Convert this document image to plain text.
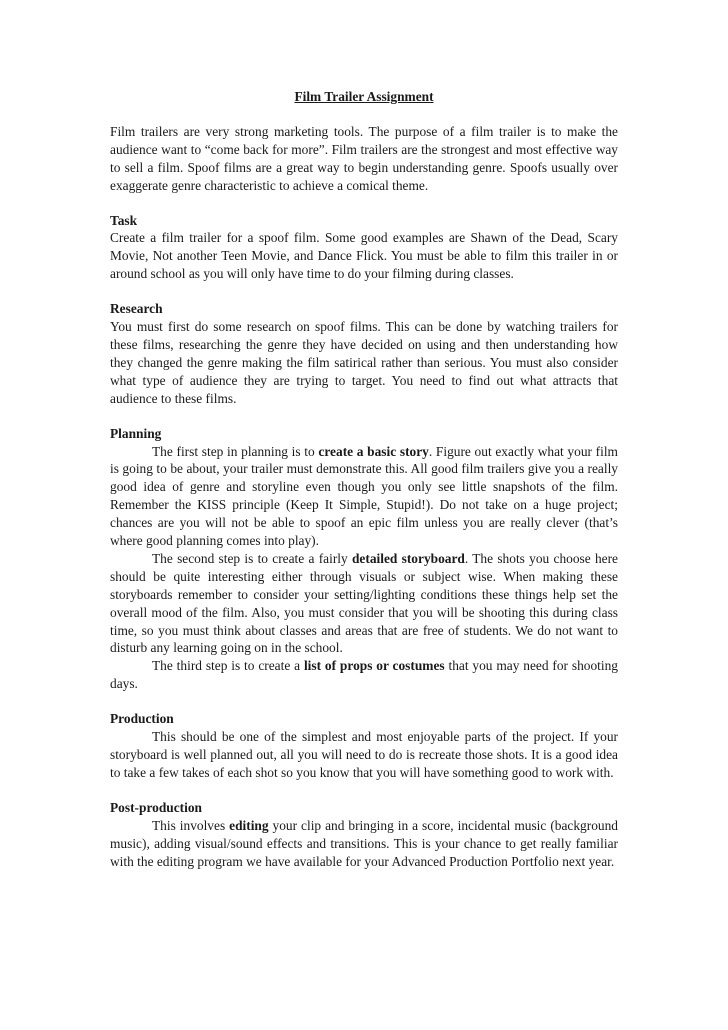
Film Trailer Assignment

Film trailers are very strong marketing tools. The purpose of a film trailer is to make the audience want to “come back for more”. Film trailers are the strongest and most effective way to sell a film. Spoof films are a great way to begin understanding genre. Spoofs usually over exaggerate genre characteristic to achieve a comical theme.

Task

Create a film trailer for a spoof film. Some good examples are Shawn of the Dead, Scary Movie, Not another Teen Movie, and Dance Flick. You must be able to film this trailer in or around school as you will only have time to do your filming during classes.

Research

You must first do some research on spoof films. This can be done by watching trailers for these films, researching the genre they have decided on using and then understanding how they changed the genre making the film satirical rather than serious. You must also consider what type of audience they are trying to target. You need to find out what attracts that audience to these films.

Planning

The first step in planning is to create a basic story. Figure out exactly what your film is going to be about, your trailer must demonstrate this. All good film trailers give you a really good idea of genre and storyline even though you only see little snapshots of the film. Remember the KISS principle (Keep It Simple, Stupid!). Do not take on a huge project; chances are you will not be able to spoof an epic film unless you are really clever (that’s where good planning comes into play).

The second step is to create a fairly detailed storyboard. The shots you choose here should be quite interesting either through visuals or subject wise. When making these storyboards remember to consider your setting/lighting conditions these things help set the overall mood of the film. Also, you must consider that you will be shooting this during class time, so you must think about classes and areas that are free of students. We do not want to disturb any learning going on in the school.

The third step is to create a list of props or costumes that you may need for shooting days.

Production

This should be one of the simplest and most enjoyable parts of the project. If your storyboard is well planned out, all you will need to do is recreate those shots. It is a good idea to take a few takes of each shot so you know that you will have something good to work with.

Post-production

This involves editing your clip and bringing in a score, incidental music (background music), adding visual/sound effects and transitions. This is your chance to get really familiar with the editing program we have available for your Advanced Production Portfolio next year.
